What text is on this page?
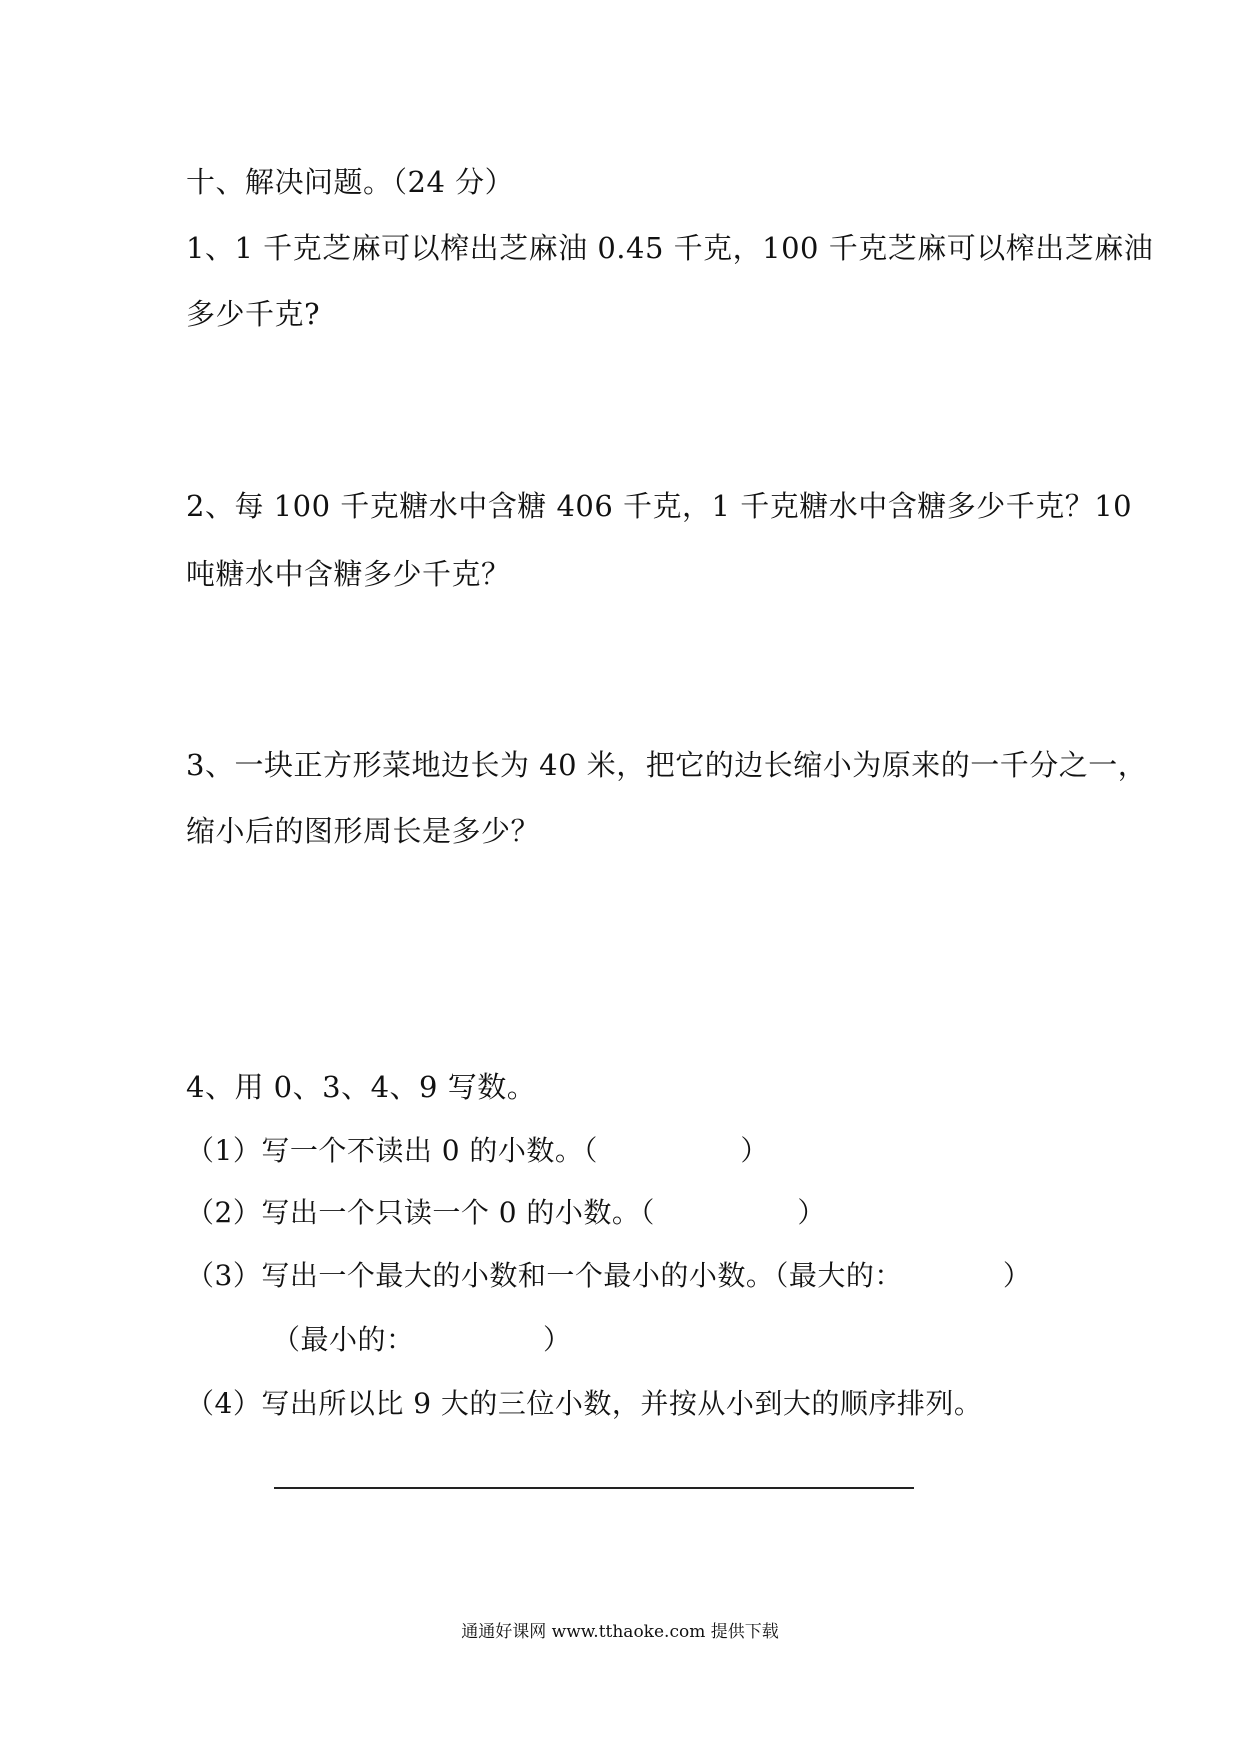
十、解决问题。（24 分）
1、1 千克芝麻可以榨出芝麻油 0.45 千克，100 千克芝麻可以榨出芝麻油
多少千克?
2、每 100 千克糖水中含糖 406 千克，1 千克糖水中含糖多少千克？10
吨糖水中含糖多少千克？
3、一块正方形菜地边长为 40 米，把它的边长缩小为原来的一千分之一，
缩小后的图形周长是多少？
4、用 0、3、4、9 写数。
（1）写一个不读出 0 的小数。（　　　　　）
（2）写出一个只读一个 0 的小数。（　　　　　）
（3）写出一个最大的小数和一个最小的小数。（最大的：　　　　）
（最小的：　　　　　）
（4）写出所以比 9 大的三位小数，并按从小到大的顺序排列。
通通好课网 www.tthaoke.com 提供下载
